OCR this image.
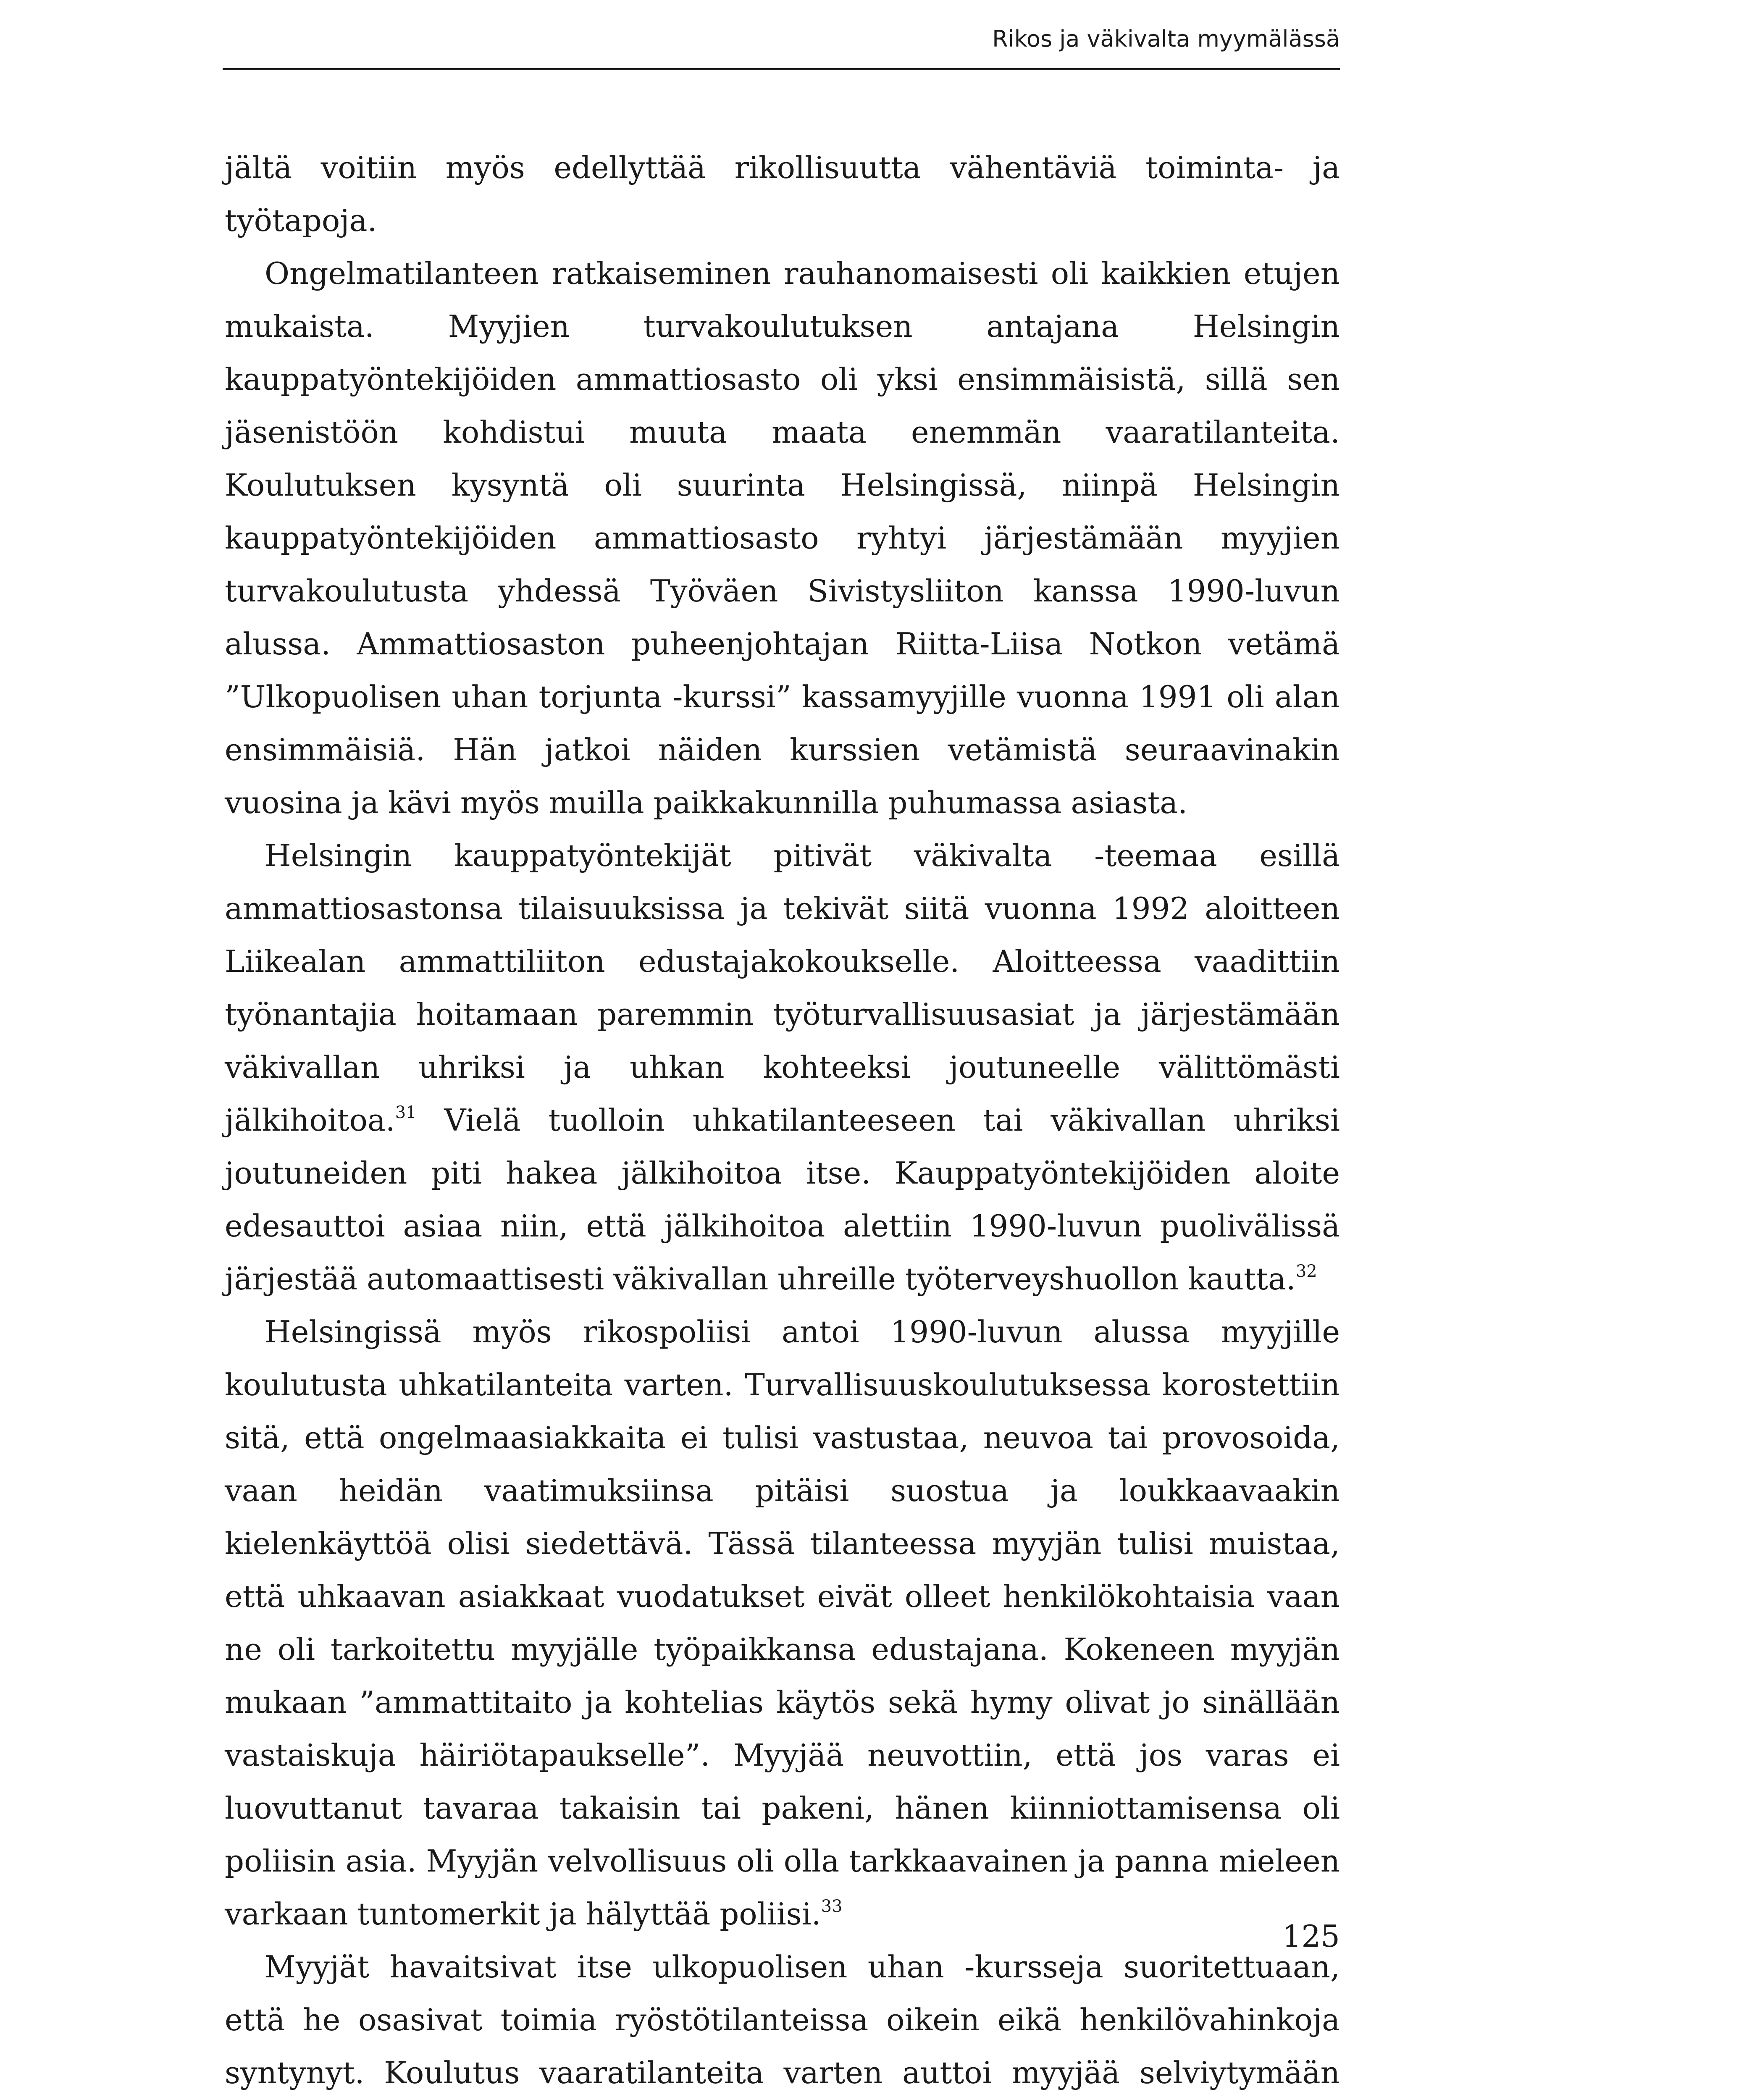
Rikos ja väkivalta myymälässä

jältä voitiin myös edellyttää rikollisuutta vähentäviä toiminta- ja työtapoja.

Ongelmatilanteen ratkaiseminen rauhanomaisesti oli kaikkien etujen mukaista. Myyjien turvakoulutuksen antajana Helsingin kauppatyöntekijöiden ammattiosasto oli yksi ensimmäisistä, sillä sen jäsenistöön kohdistui muuta maata enemmän vaaratilanteita. Koulutuksen kysyntä oli suurinta Helsingissä, niinpä Helsingin kauppatyöntekijöiden ammattiosasto ryhtyi järjestämään myyjien turvakoulutusta yhdessä Työväen Sivistysliiton kanssa 1990-luvun alussa. Ammattiosaston puheenjohtajan Riitta-Liisa Notkon vetämä ”Ulkopuolisen uhan torjunta -kurssi” kassamyyjille vuonna 1991 oli alan ensimmäisiä. Hän jatkoi näiden kurssien vetämistä seuraavinakin vuosina ja kävi myös muilla paikkakunnilla puhumassa asiasta.

Helsingin kauppatyöntekijät pitivät väkivalta -teemaa esillä ammattiosastonsa tilaisuuksissa ja tekivät siitä vuonna 1992 aloitteen Liikealan ammattiliiton edustajakokoukselle. Aloitteessa vaadittiin työnantajia hoitamaan paremmin työturvallisuusasiat ja järjestämään väkivallan uhriksi ja uhkan kohteeksi joutuneelle välittömästi jälkihoitoa.$^{31}$ Vielä tuolloin uhkatilanteeseen tai väkivallan uhriksi joutuneiden piti hakea jälkihoitoa itse. Kauppatyöntekijöiden aloite edesauttoi asiaa niin, että jälkihoitoa alettiin 1990-luvun puolivälissä järjestää automaattisesti väkivallan uhreille työterveyshuollon kautta.$^{32}$

Helsingissä myös rikospoliisi antoi 1990-luvun alussa myyjille koulutusta uhkatilanteita varten. Turvallisuuskoulutuksessa korostettiin sitä, että ongelmaasiakkaita ei tulisi vastustaa, neuvoa tai provosoida, vaan heidän vaatimuksiinsa pitäisi suostua ja loukkaavaakin kielenkäyttöä olisi siedettävä. Tässä tilanteessa myyjän tulisi muistaa, että uhkaavan asiakkaat vuodatukset eivät olleet henkilökohtaisia vaan ne oli tarkoitettu myyjälle työpaikkansa edustajana. Kokeneen myyjän mukaan ”ammattitaito ja kohtelias käytös sekä hymy olivat jo sinällään vastaiskuja häiriötapaukselle”. Myyjää neuvottiin, että jos varas ei luovuttanut tavaraa takaisin tai pakeni, hänen kiinniottamisensa oli poliisin asia. Myyjän velvollisuus oli olla tarkkaavainen ja panna mieleen varkaan tuntomerkit ja hälyttää poliisi.$^{33}$

Myyjät havaitsivat itse ulkopuolisen uhan -kursseja suoritettuaan, että he osasivat toimia ryöstötilanteissa oikein eikä henkilövahinkoja syntynyt. Koulutus vaaratilanteita varten auttoi myyjää selviytymään

125
